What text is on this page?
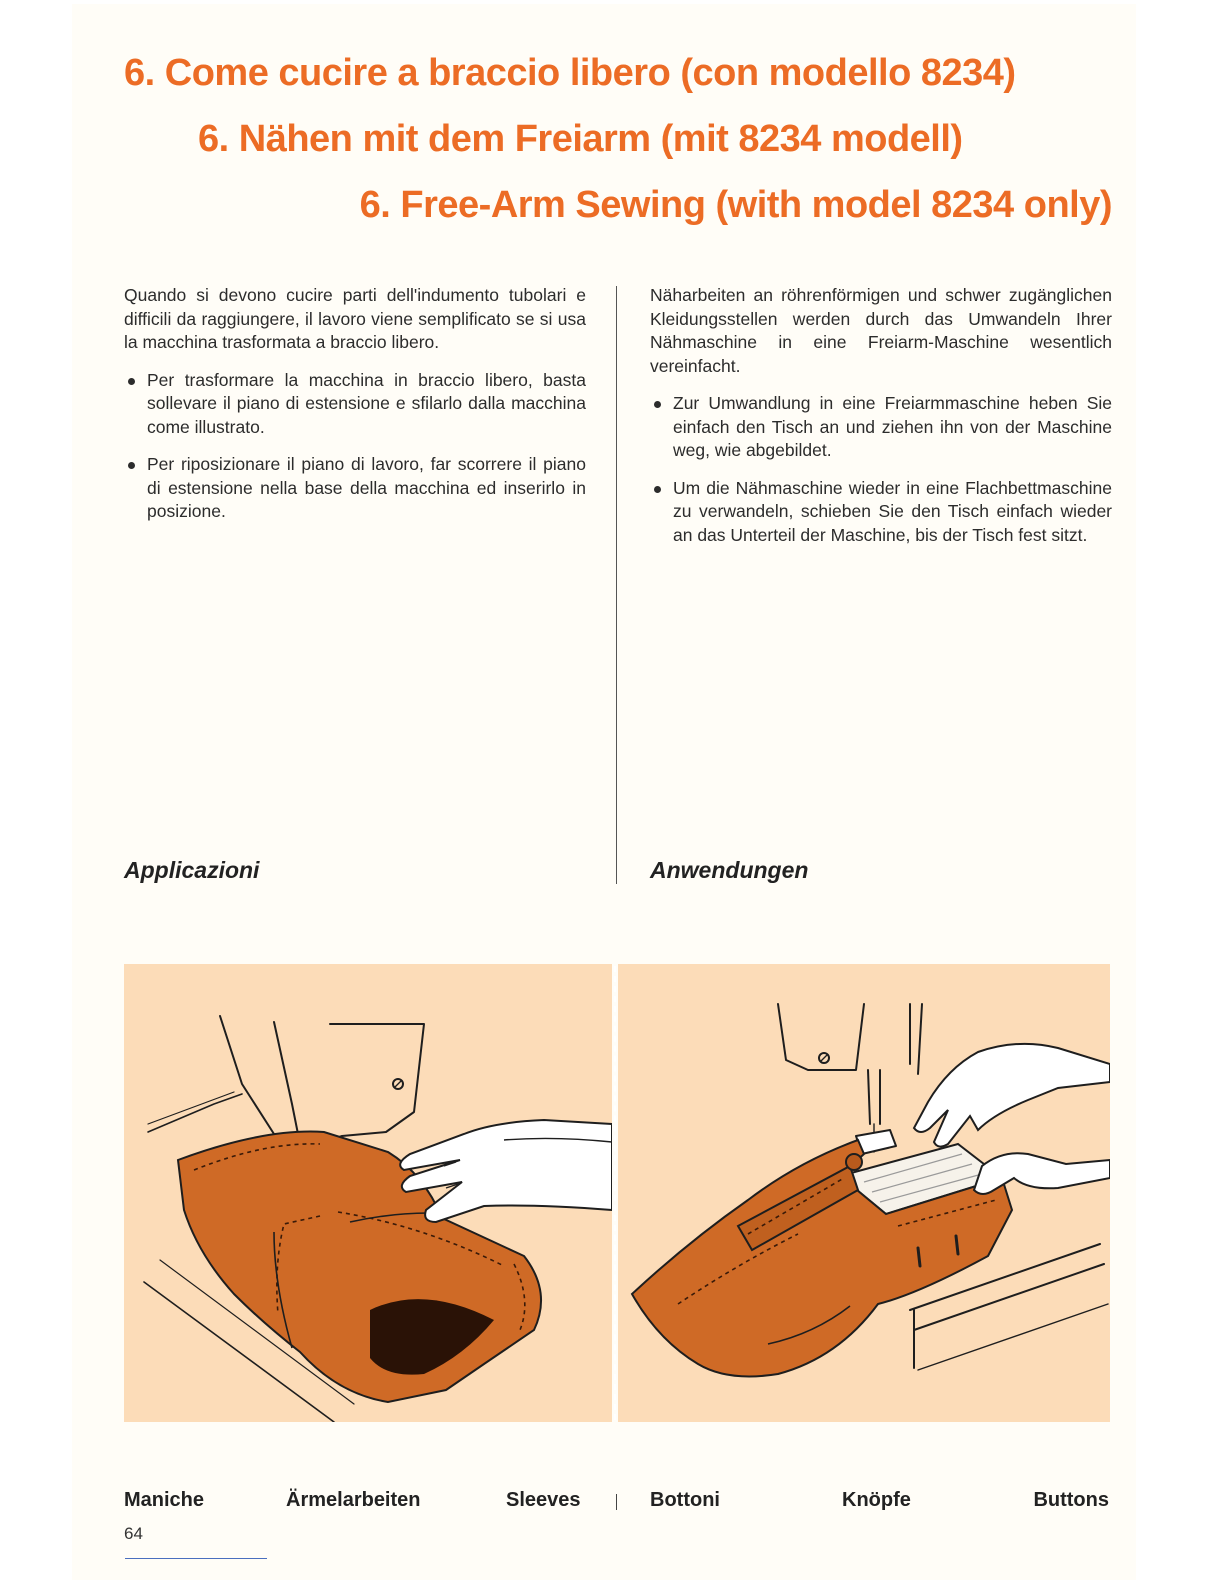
6. Come cucire a braccio libero (con modello 8234)
6. Nähen mit dem Freiarm (mit 8234 modell)
6. Free-Arm Sewing (with model 8234 only)

Quando si devono cucire parti dell'indumento tubolari e difficili da raggiungere, il lavoro viene semplificato se si usa la macchina trasformata a braccio libero.

Per trasformare la macchina in braccio libero, basta sollevare il piano di estensione e sfilarlo dalla macchina come illustrato.
Per riposizionare il piano di lavoro, far scorrere il piano di estensione nella base della macchina ed inserirlo in posizione.

Näharbeiten an röhrenförmigen und schwer zugänglichen Kleidungsstellen werden durch das Umwandeln Ihrer Nähmaschine in eine Freiarm-Maschine wesentlich vereinfacht.

Zur Umwandlung in eine Freiarmmaschine heben Sie einfach den Tisch an und ziehen ihn von der Maschine weg, wie abgebildet.
Um die Nähmaschine wieder in eine Flachbettmaschine zu verwandeln, schieben Sie den Tisch einfach wieder an das Unterteil der Maschine, bis der Tisch fest sitzt.
Applicazioni	Anwendungen

Maniche	Ärmelarbeiten	Sleeves	Bottoni	Knöpfe	Buttons

64
